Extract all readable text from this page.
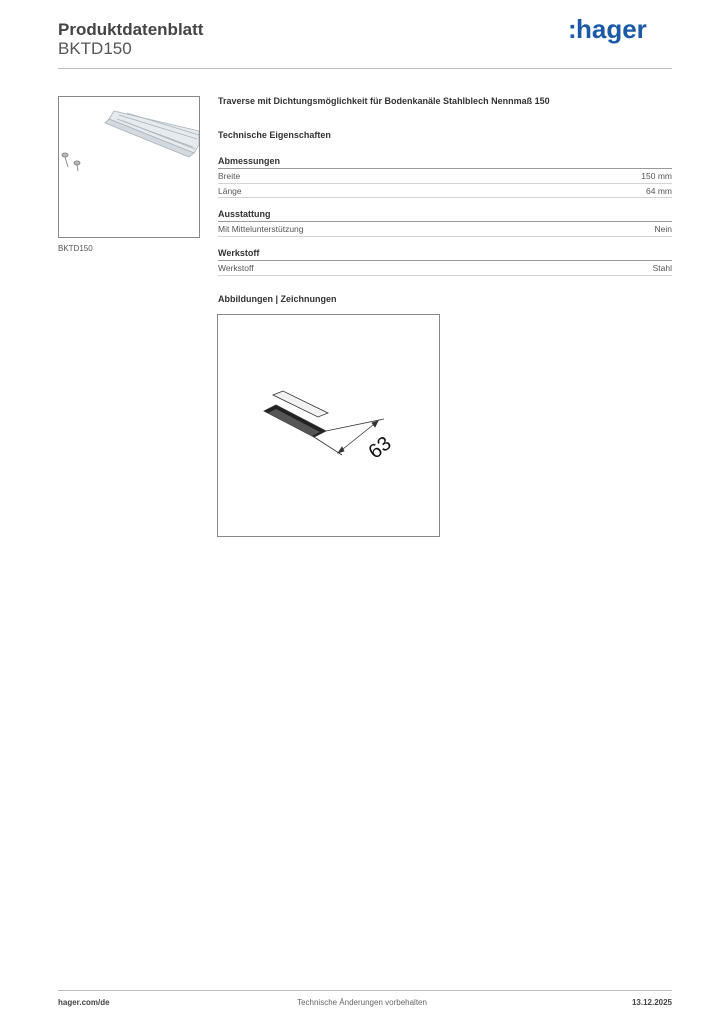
Produktdatenblatt
BKTD150
: hager
BKTD150
Traverse mit Dichtungsmöglichkeit für Bodenkanäle Stahlblech Nennmaß 150
Technische Eigenschaften
Abmessungen
Breite	150 mm
Länge	64 mm
Ausstattung
Mit Mittelunterstützung	Nein
Werkstoff
Werkstoff	Stahl
Abbildungen | Zeichnungen
63
hager.com/de	Technische Änderungen vorbehalten	13.12.2025
